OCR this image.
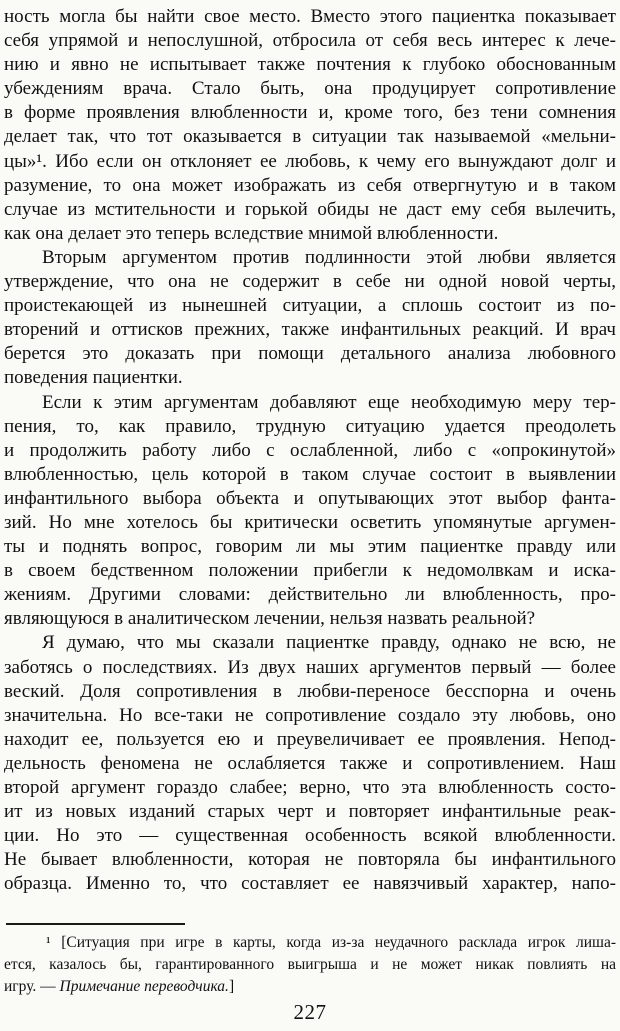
ность могла бы найти свое место. Вместо этого пациентка показывает
себя упрямой и непослушной, отбросила от себя весь интерес к лече-
нию и явно не испытывает также почтения к глубоко обоснованным
убеждениям врача. Стало быть, она продуцирует сопротивление
в форме проявления влюбленности и, кроме того, без тени сомнения
делает так, что тот оказывается в ситуации так называемой «мельни-
цы»¹. Ибо если он отклоняет ее любовь, к чему его вынуждают долг и
разумение, то она может изображать из себя отвергнутую и в таком
случае из мстительности и горькой обиды не даст ему себя вылечить,
как она делает это теперь вследствие мнимой влюбленности.
Вторым аргументом против подлинности этой любви является
утверждение, что она не содержит в себе ни одной новой черты,
проистекающей из нынешней ситуации, а сплошь состоит из по-
вторений и оттисков прежних, также инфантильных реакций. И врач
берется это доказать при помощи детального анализа любовного
поведения пациентки.
Если к этим аргументам добавляют еще необходимую меру тер-
пения, то, как правило, трудную ситуацию удается преодолеть
и продолжить работу либо с ослабленной, либо с «опрокинутой»
влюбленностью, цель которой в таком случае состоит в выявлении
инфантильного выбора объекта и опутывающих этот выбор фанта-
зий. Но мне хотелось бы критически осветить упомянутые аргумен-
ты и поднять вопрос, говорим ли мы этим пациентке правду или
в своем бедственном положении прибегли к недомолвкам и иска-
жениям. Другими словами: действительно ли влюбленность, про-
являющуюся в аналитическом лечении, нельзя назвать реальной?
Я думаю, что мы сказали пациентке правду, однако не всю, не
заботясь о последствиях. Из двух наших аргументов первый — более
веский. Доля сопротивления в любви-переносе бесспорна и очень
значительна. Но все-таки не сопротивление создало эту любовь, оно
находит ее, пользуется ею и преувеличивает ее проявления. Непод-
дельность феномена не ослабляется также и сопротивлением. Наш
второй аргумент гораздо слабее; верно, что эта влюбленность состо-
ит из новых изданий старых черт и повторяет инфантильные реак-
ции. Но это — существенная особенность всякой влюбленности.
Не бывает влюбленности, которая не повторяла бы инфантильного
образца. Именно то, что составляет ее навязчивый характер, напо-
¹ [Ситуация при игре в карты, когда из-за неудачного расклада игрок лиша-
ется, казалось бы, гарантированного выигрыша и не может никак повлиять на
игру. — Примечание переводчика.]
227
